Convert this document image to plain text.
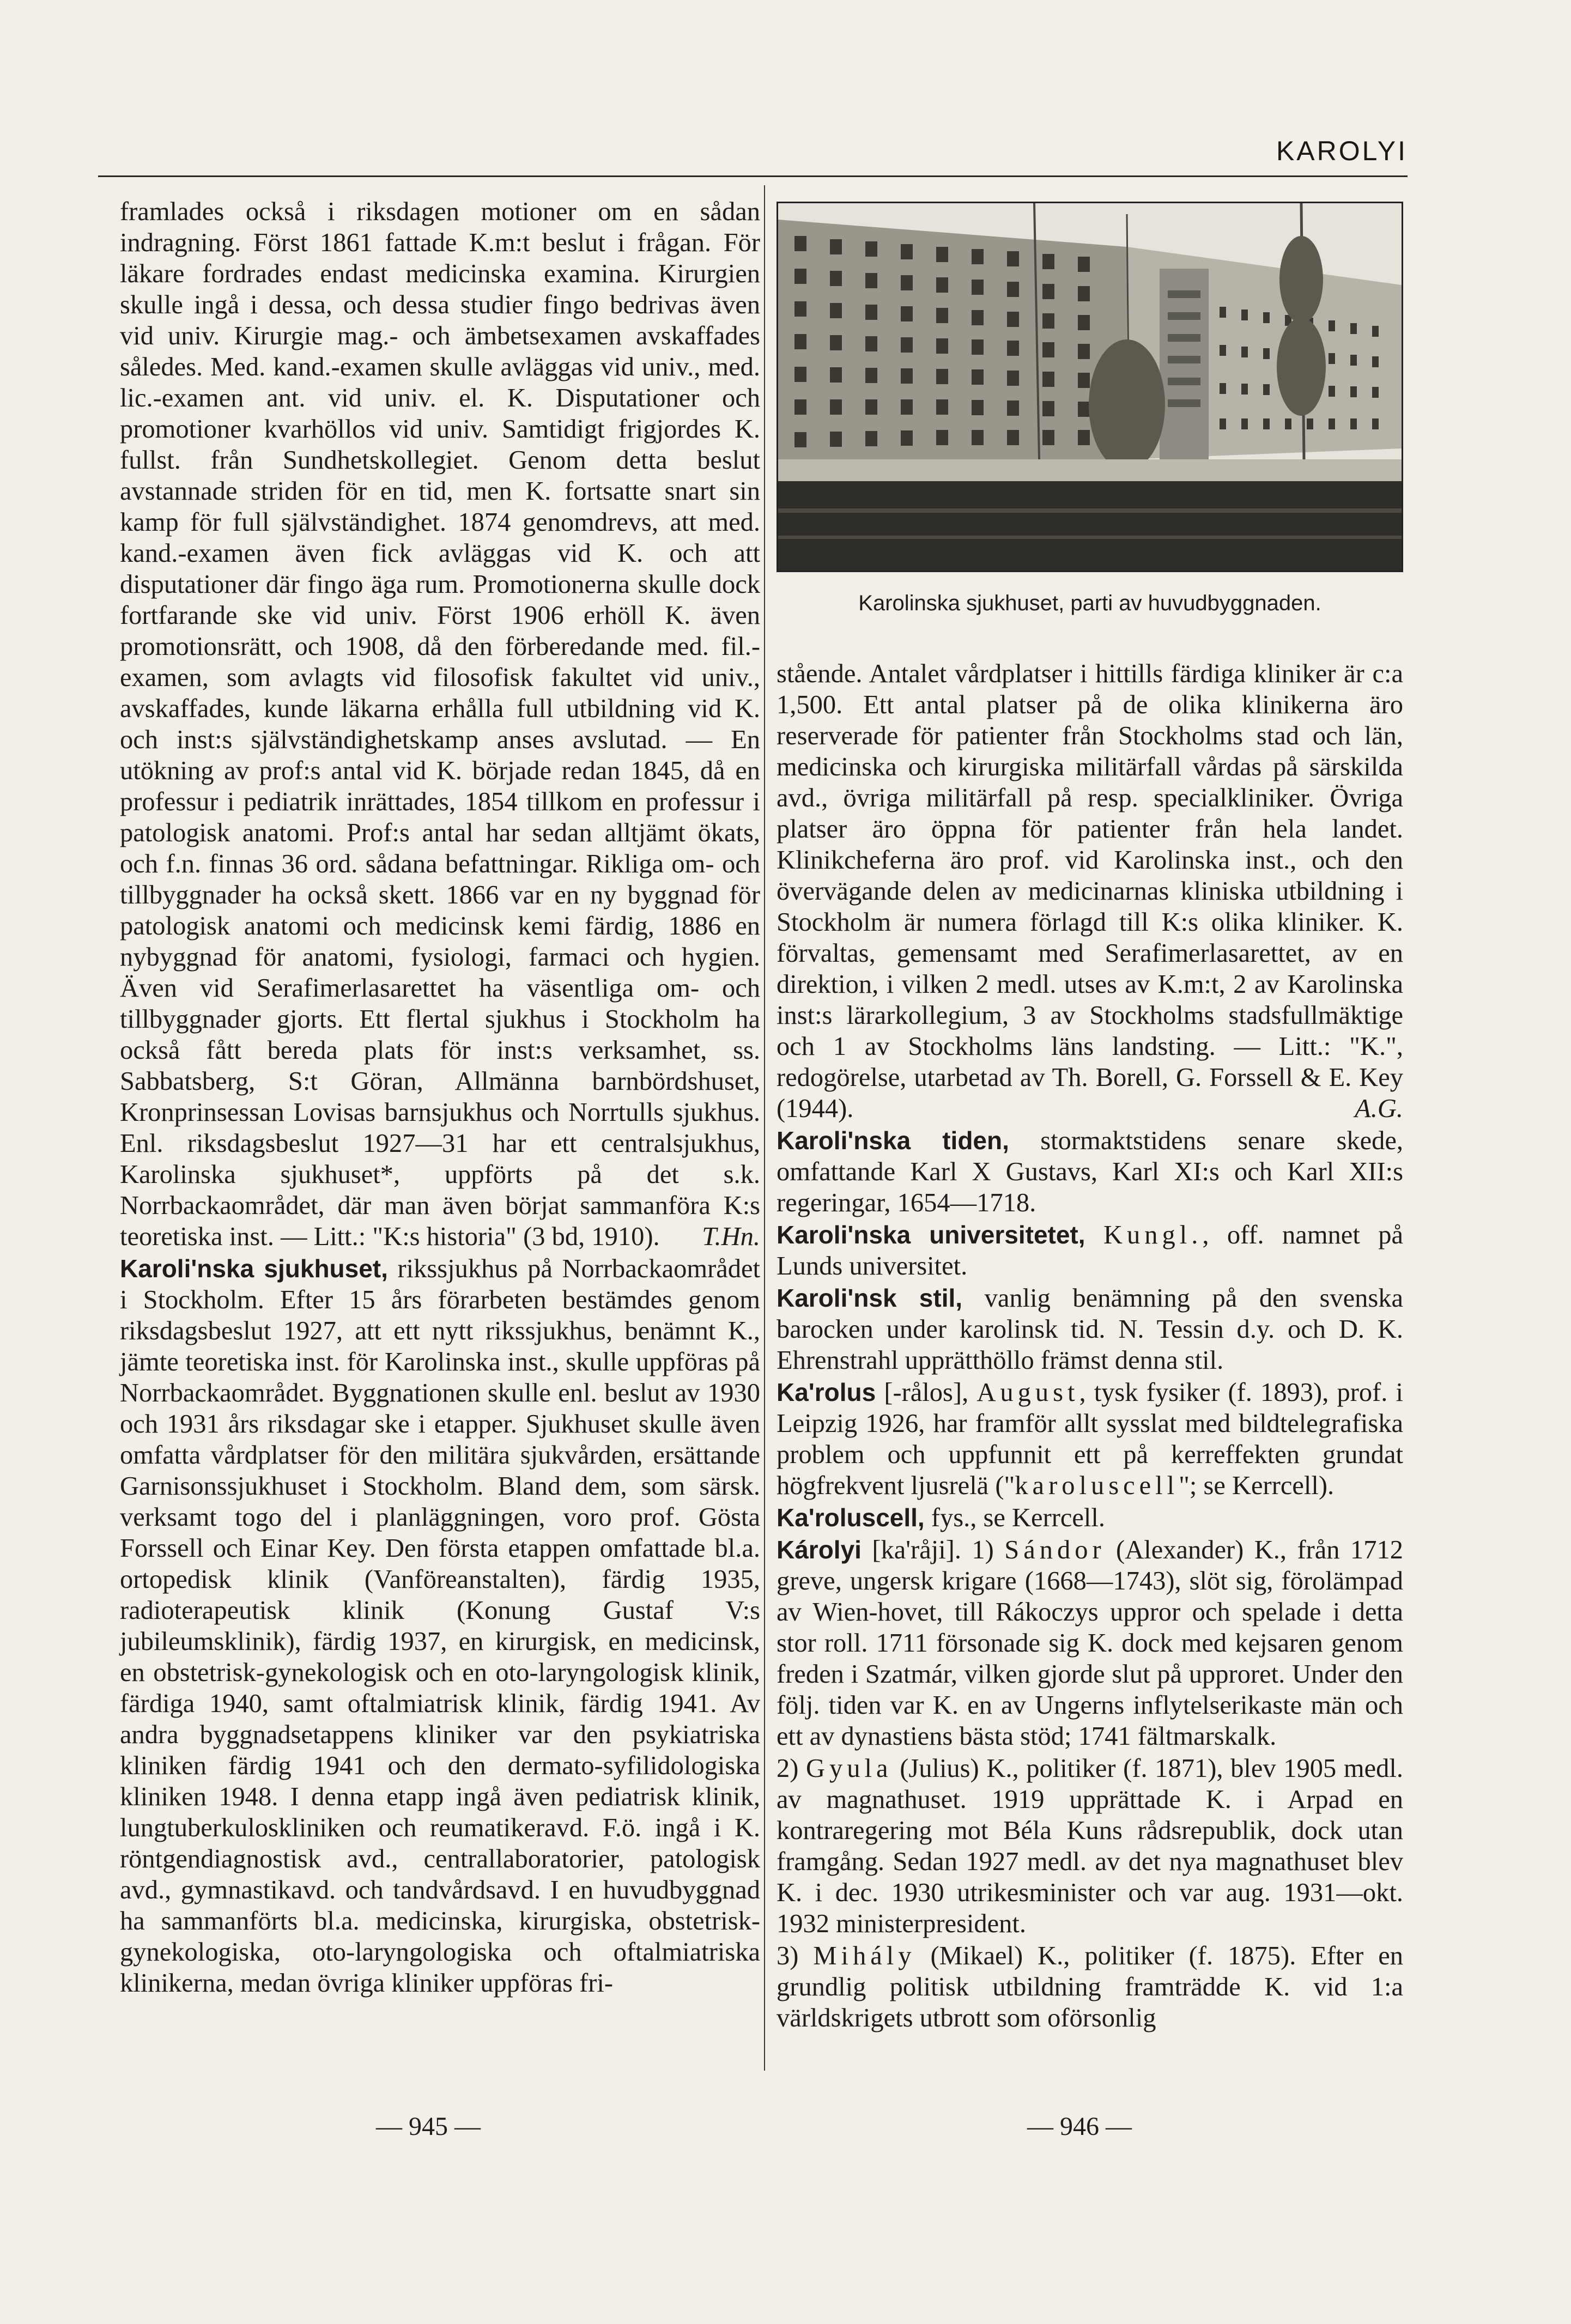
KAROLYI

framlades också i riksdagen motioner om en sådan indragning. Först 1861 fattade K.m:t beslut i frågan. För läkare fordrades endast medicinska examina. Kirurgien skulle ingå i dessa, och dessa studier fingo bedrivas även vid univ. Kirurgie mag.- och ämbetsexamen avskaffades således. Med. kand.-examen skulle avläggas vid univ., med. lic.-examen ant. vid univ. el. K. Disputationer och promotioner kvarhöllos vid univ. Samtidigt frigjordes K. fullst. från Sundhetskollegiet. Genom detta beslut avstannade striden för en tid, men K. fortsatte snart sin kamp för full självständighet. 1874 genomdrevs, att med. kand.-examen även fick avläggas vid K. och att disputationer där fingo äga rum. Promotionerna skulle dock fortfarande ske vid univ. Först 1906 erhöll K. även promotionsrätt, och 1908, då den förberedande med. fil.-examen, som avlagts vid filosofisk fakultet vid univ., avskaffades, kunde läkarna erhålla full utbildning vid K. och inst:s självständighetskamp anses avslutad. — En utökning av prof:s antal vid K. började redan 1845, då en professur i pediatrik inrättades, 1854 tillkom en professur i patologisk anatomi. Prof:s antal har sedan alltjämt ökats, och f.n. finnas 36 ord. sådana befattningar. Rikliga om- och tillbyggnader ha också skett. 1866 var en ny byggnad för patologisk anatomi och medicinsk kemi färdig, 1886 en nybyggnad för anatomi, fysiologi, farmaci och hygien. Även vid Serafimerlasarettet ha väsentliga om- och tillbyggnader gjorts. Ett flertal sjukhus i Stockholm ha också fått bereda plats för inst:s verksamhet, ss. Sabbatsberg, S:t Göran, Allmänna barnbördshuset, Kronprinsessan Lovisas barnsjukhus och Norrtulls sjukhus. Enl. riksdagsbeslut 1927—31 har ett centralsjukhus, Karolinska sjukhuset*, uppförts på det s.k. Norrbackaområdet, där man även börjat sammanföra K:s teoretiska inst. — Litt.: "K:s historia" (3 bd, 1910). T.Hn.

Karoli'nska sjukhuset, rikssjukhus på Norrbackaområdet i Stockholm. Efter 15 års förarbeten bestämdes genom riksdagsbeslut 1927, att ett nytt rikssjukhus, benämnt K., jämte teoretiska inst. för Karolinska inst., skulle uppföras på Norrbackaområdet. Byggnationen skulle enl. beslut av 1930 och 1931 års riksdagar ske i etapper. Sjukhuset skulle även omfatta vårdplatser för den militära sjukvården, ersättande Garnisonssjukhuset i Stockholm. Bland dem, som särsk. verksamt togo del i planläggningen, voro prof. Gösta Forssell och Einar Key. Den första etappen omfattade bl.a. ortopedisk klinik (Vanföreanstalten), färdig 1935, radioterapeutisk klinik (Konung Gustaf V:s jubileumsklinik), färdig 1937, en kirurgisk, en medicinsk, en obstetrisk-gynekologisk och en oto-laryngologisk klinik, färdiga 1940, samt oftalmiatrisk klinik, färdig 1941. Av andra byggnadsetappens kliniker var den psykiatriska kliniken färdig 1941 och den dermato-syfilidologiska kliniken 1948. I denna etapp ingå även pediatrisk klinik, lungtuberkuloskliniken och reumatikeravd. F.ö. ingå i K. röntgendiagnostisk avd., centrallaboratorier, patologisk avd., gymnastikavd. och tandvårdsavd. I en huvudbyggnad ha sammanförts bl.a. medicinska, kirurgiska, obstetrisk-gynekologiska, oto-laryngologiska och oftalmiatriska klinikerna, medan övriga kliniker uppföras fri-

Karolinska sjukhuset, parti av huvudbyggnaden.

stående. Antalet vårdplatser i hittills färdiga kliniker är c:a 1,500. Ett antal platser på de olika klinikerna äro reserverade för patienter från Stockholms stad och län, medicinska och kirurgiska militärfall vårdas på särskilda avd., övriga militärfall på resp. specialkliniker. Övriga platser äro öppna för patienter från hela landet. Klinikcheferna äro prof. vid Karolinska inst., och den övervägande delen av medicinarnas kliniska utbildning i Stockholm är numera förlagd till K:s olika kliniker. K. förvaltas, gemensamt med Serafimerlasarettet, av en direktion, i vilken 2 medl. utses av K.m:t, 2 av Karolinska inst:s lärarkollegium, 3 av Stockholms stadsfullmäktige och 1 av Stockholms läns landsting. — Litt.: "K.", redogörelse, utarbetad av Th. Borell, G. Forssell & E. Key (1944).	A.G.

Karoli'nska tiden, stormaktstidens senare skede, omfattande Karl X Gustavs, Karl XI:s och Karl XII:s regeringar, 1654—1718.

Karoli'nska universitetet, Kungl., off. namnet på Lunds universitet.

Karoli'nsk stil, vanlig benämning på den svenska barocken under karolinsk tid. N. Tessin d.y. och D. K. Ehrenstrahl upprätthöllo främst denna stil.

Ka'rolus [-rålos], August, tysk fysiker (f. 1893), prof. i Leipzig 1926, har framför allt sysslat med bildtelegrafiska problem och uppfunnit ett på kerreffekten grundat högfrekvent ljusrelä ("karoluscell"; se Kerrcell).

Ka'roluscell, fys., se Kerrcell.

Károlyi [ka'råji]. 1) Sándor (Alexander) K., från 1712 greve, ungersk krigare (1668—1743), slöt sig, förolämpad av Wien-hovet, till Rákoczys uppror och spelade i detta stor roll. 1711 försonade sig K. dock med kejsaren genom freden i Szatmár, vilken gjorde slut på upproret. Under den följ. tiden var K. en av Ungerns inflytelserikaste män och ett av dynastiens bästa stöd; 1741 fältmarskalk.

2) Gyula (Julius) K., politiker (f. 1871), blev 1905 medl. av magnathuset. 1919 upprättade K. i Arpad en kontraregering mot Béla Kuns rådsrepublik, dock utan framgång. Sedan 1927 medl. av det nya magnathuset blev K. i dec. 1930 utrikesminister och var aug. 1931—okt. 1932 ministerpresident.

3) Mihály (Mikael) K., politiker (f. 1875). Efter en grundlig politisk utbildning framträdde K. vid 1:a världskrigets utbrott som oförsonlig

— 945 —	— 946 —
